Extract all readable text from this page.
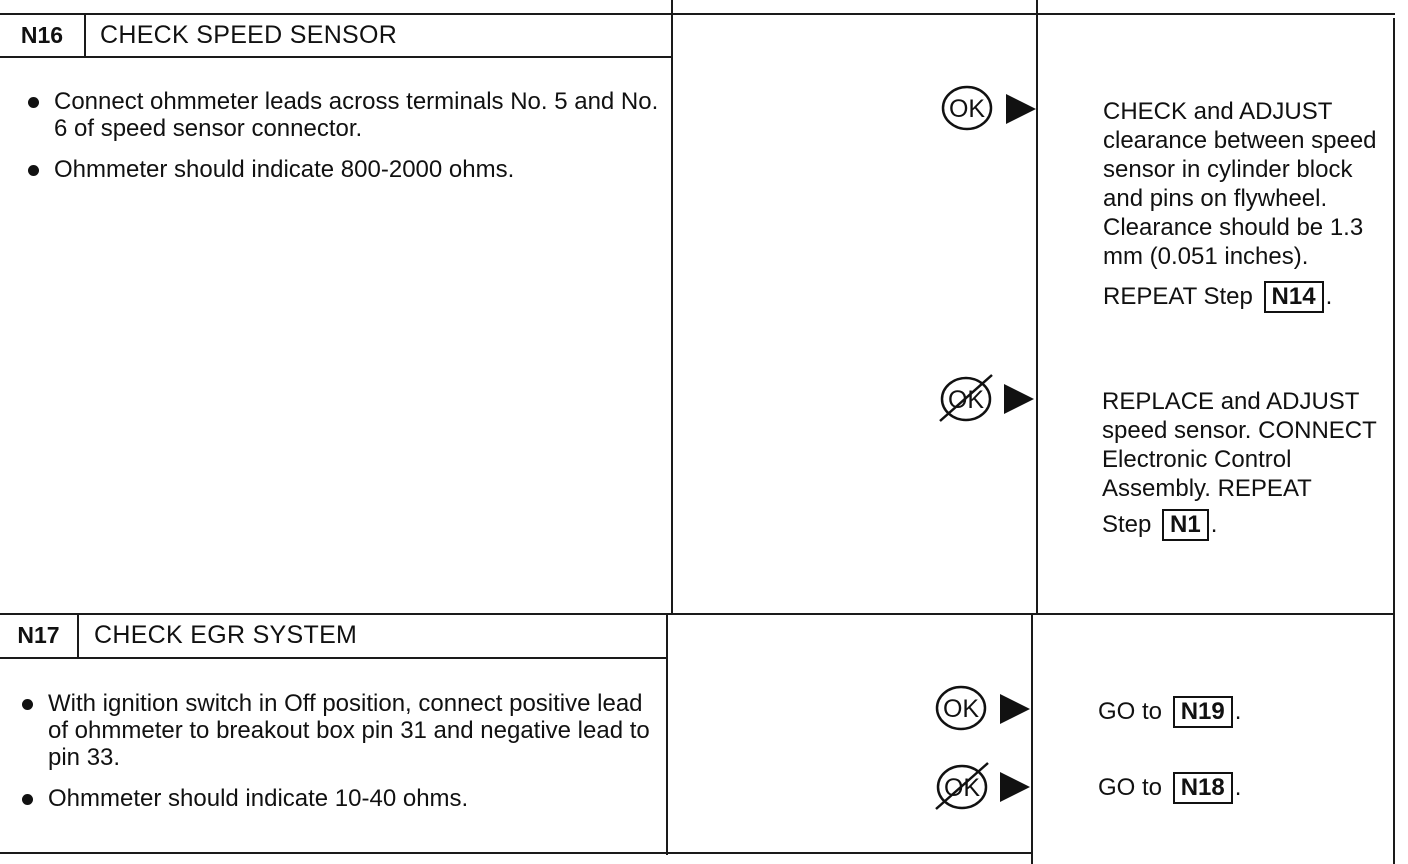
N16	CHECK SPEED SENSOR
Connect ohmmeter leads across terminals No. 5 and No. 6 of speed sensor connector.
Ohmmeter should indicate 800-2000 ohms.
OK	CHECK and ADJUST clearance between speed sensor in cylinder block and pins on flywheel. Clearance should be 1.3 mm (0.051 inches).

REPEAT Step N14 .

OK	REPLACE and ADJUST speed sensor. CONNECT Electronic Control Assembly. REPEAT

Step N1 .

N17	CHECK EGR SYSTEM
With ignition switch in Off position, connect positive lead of ohmmeter to breakout box pin 31 and negative lead to pin 33.
Ohmmeter should indicate 10-40 ohms.
OK	GO to N19 .

OK	GO to N18 .
